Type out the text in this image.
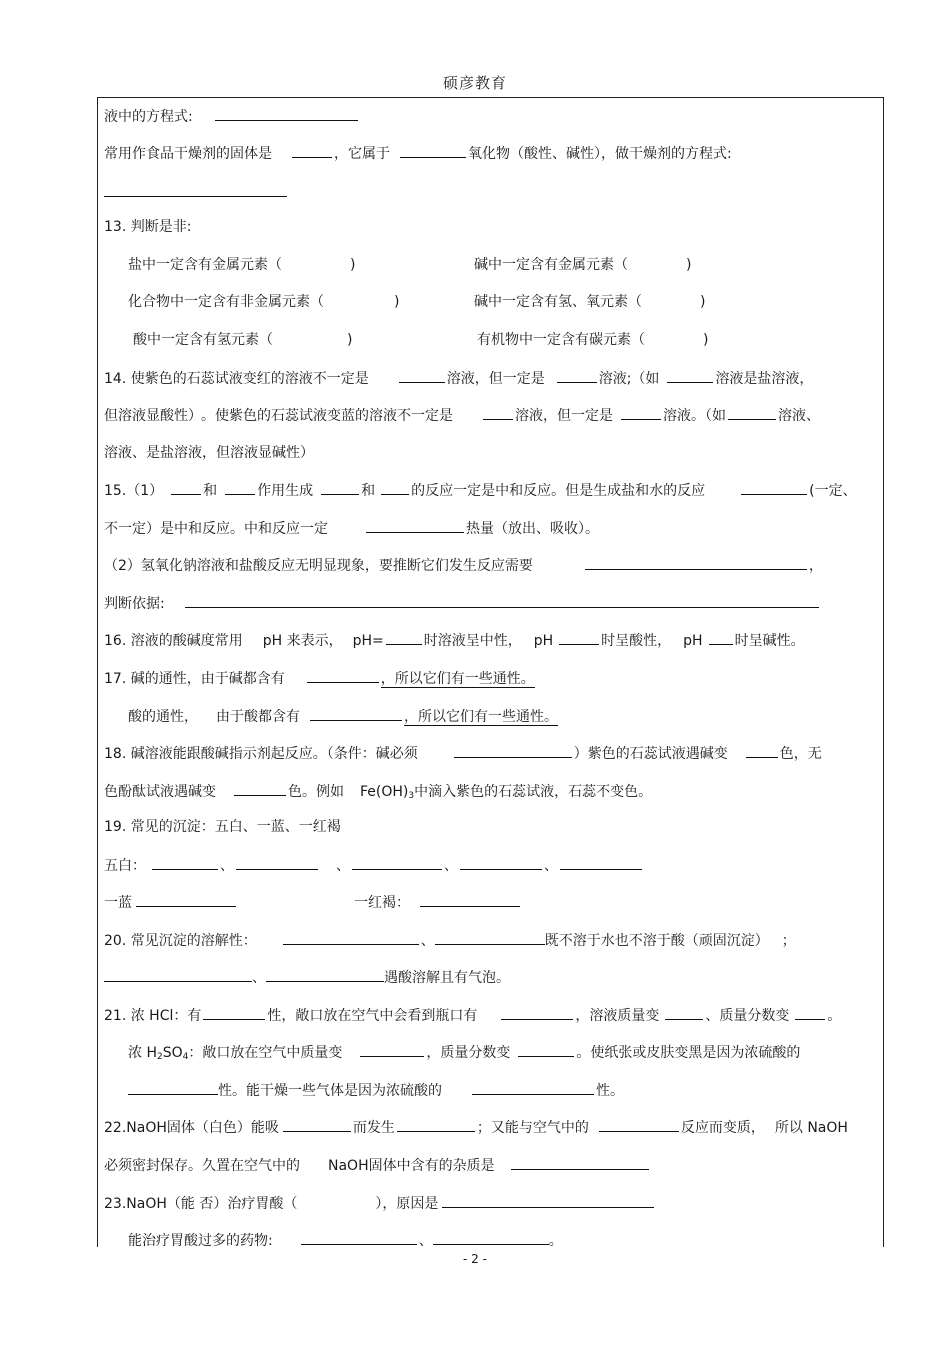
硕彦教育
液中的方程式:
常用作食品干燥剂的固体是	，它属于	氧化物（酸性、碱性），做干燥剂的方程式:
13. 判断是非:
盐中一定含有金属元素（	)	碱中一定含有金属元素（	)
化合物中一定含有非金属元素（	)	碱中一定含有氢、氧元素（	)
酸中一定含有氢元素（	)	有机物中一定含有碳元素（	)
14. 使紫色的石蕊试液变红的溶液不一定是	溶液，但一定是	溶液;（如	溶液是盐溶液，
但溶液显酸性） 。使紫色的石蕊试液变蓝的溶液不一定是	溶液，但一定是	溶液。（如	溶液、
溶液、是盐溶液，但溶液显碱性）
15.（1）	和	作用生成	和	的反应一定是中和反应。但是生成盐和水的反应	(一定、
不一定）是中和反应。中和反应一定	热量（放出、吸收）。
（2）氢氧化钠溶液和盐酸反应无明显现象，要推断它们发生反应需要	，
判断依据:
16. 溶液的酸碱度常用 pH 来表示， pH=	时溶液呈中性， pH	时呈酸性， pH 时呈碱性。
17. 碱的通性，由于碱都含有	，所以它们有一些通性。
酸的通性， 由于酸都含有	，所以它们有一些通性。
18. 碱溶液能跟酸碱指示剂起反应。（条件：碱必须	）紫色的石蕊试液遇碱变	色，无
色酚酞试液遇碱变	色。例如 $Fe(OH)_3$中滴入紫色的石蕊试液，石蕊不变色。
19. 常见的沉淀：五白、一蓝、一红褐
五白：	、	、	、	、
一蓝	一红褐：
20. 常见沉淀的溶解性：	、	既不溶于水也不溶于酸（顽固沉淀） ；
、	遇酸溶解且有气泡。
21. 浓 HCl：有	性，敞口放在空气中会看到瓶口有	，溶液质量变	、质量分数变	。
浓 $H_2SO_4$：敞口放在空气中质量变	，质量分数变	。使纸张或皮肤变黑是因为浓硫酸的
性。能干燥一些气体是因为浓硫酸的	性。
22.NaOH固体（白色）能吸	而发生	；又能与空气中的	反应而变质， 所以 NaOH
必须密封保存。久置在空气中的 NaOH固体中含有的杂质是
23.NaOH（能 否）治疗胃酸（	），原因是
能治疗胃酸过多的药物:	、	。
- 2 -
